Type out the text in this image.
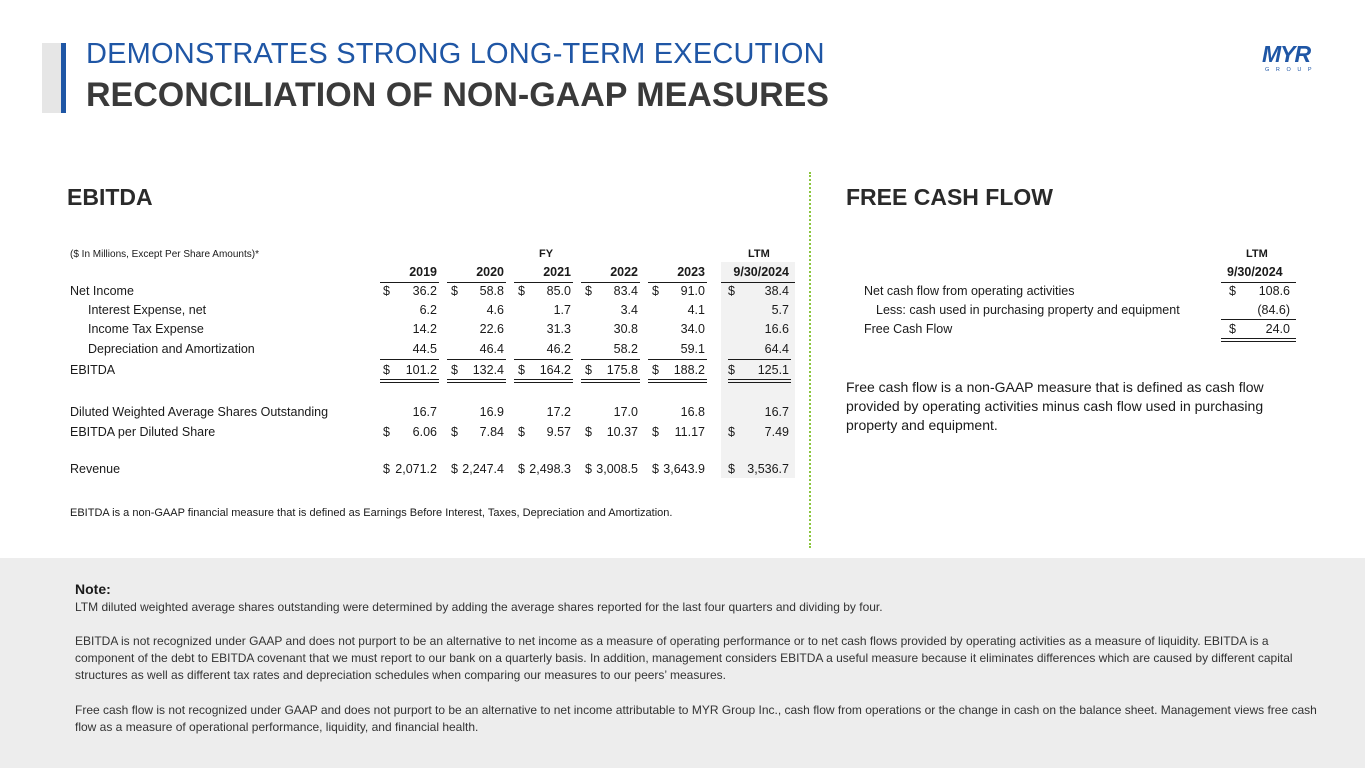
DEMONSTRATES STRONG LONG-TERM EXECUTION
RECONCILIATION OF NON-GAAP MEASURES
MYR
GROUP
EBITDA	FREE CASH FLOW
($ In Millions, Except Per Share Amounts)*	FY	LTM
2019	2020	2021	2022	2023	9/30/2024
Net Income	$	36.2 $	58.8 $	85.0 $	83.4 $	91.0 $	38.4
Interest Expense, net	6.2	4.6	1.7	3.4	4.1	5.7
Income Tax Expense	14.2	22.6	31.3	30.8	34.0	16.6
Depreciation and Amortization	44.5	46.4	46.2	58.2	59.1	64.4
EBITDA	$	101.2 $	132.4 $	164.2 $	175.8 $	188.2 $	125.1
Diluted Weighted Average Shares Outstanding	16.7	16.9	17.2	17.0	16.8	16.7
EBITDA per Diluted Share	$	6.06 $	7.84 $	9.57 $	10.37 $	11.17 $	7.49
Revenue	$ 2,071.2 $ 2,247.4 $ 2,498.3 $ 3,008.5 $ 3,643.9 $ 3,536.7
EBITDA is a non-GAAP financial measure that is defined as Earnings Before Interest, Taxes, Depreciation and Amortization.
LTM
9/30/2024
Net cash flow from operating activities	$	108.6
Less: cash used in purchasing property and equipment	(84.6)
Free Cash Flow	$	24.0
Free cash flow is a non-GAAP measure that is defined as cash flow provided by operating activities minus cash flow used in purchasing property and equipment.
Note:
LTM diluted weighted average shares outstanding were determined by adding the average shares reported for the last four quarters and dividing by four.
EBITDA is not recognized under GAAP and does not purport to be an alternative to net income as a measure of operating performance or to net cash flows provided by operating activities as a measure of liquidity. EBITDA is a component of the debt to EBITDA covenant that we must report to our bank on a quarterly basis. In addition, management considers EBITDA a useful measure because it eliminates differences which are caused by different capital structures as well as different tax rates and depreciation schedules when comparing our measures to our peers’ measures.
Free cash flow is not recognized under GAAP and does not purport to be an alternative to net income attributable to MYR Group Inc., cash flow from operations or the change in cash on the balance sheet. Management views free cash flow as a measure of operational performance, liquidity, and financial health.
